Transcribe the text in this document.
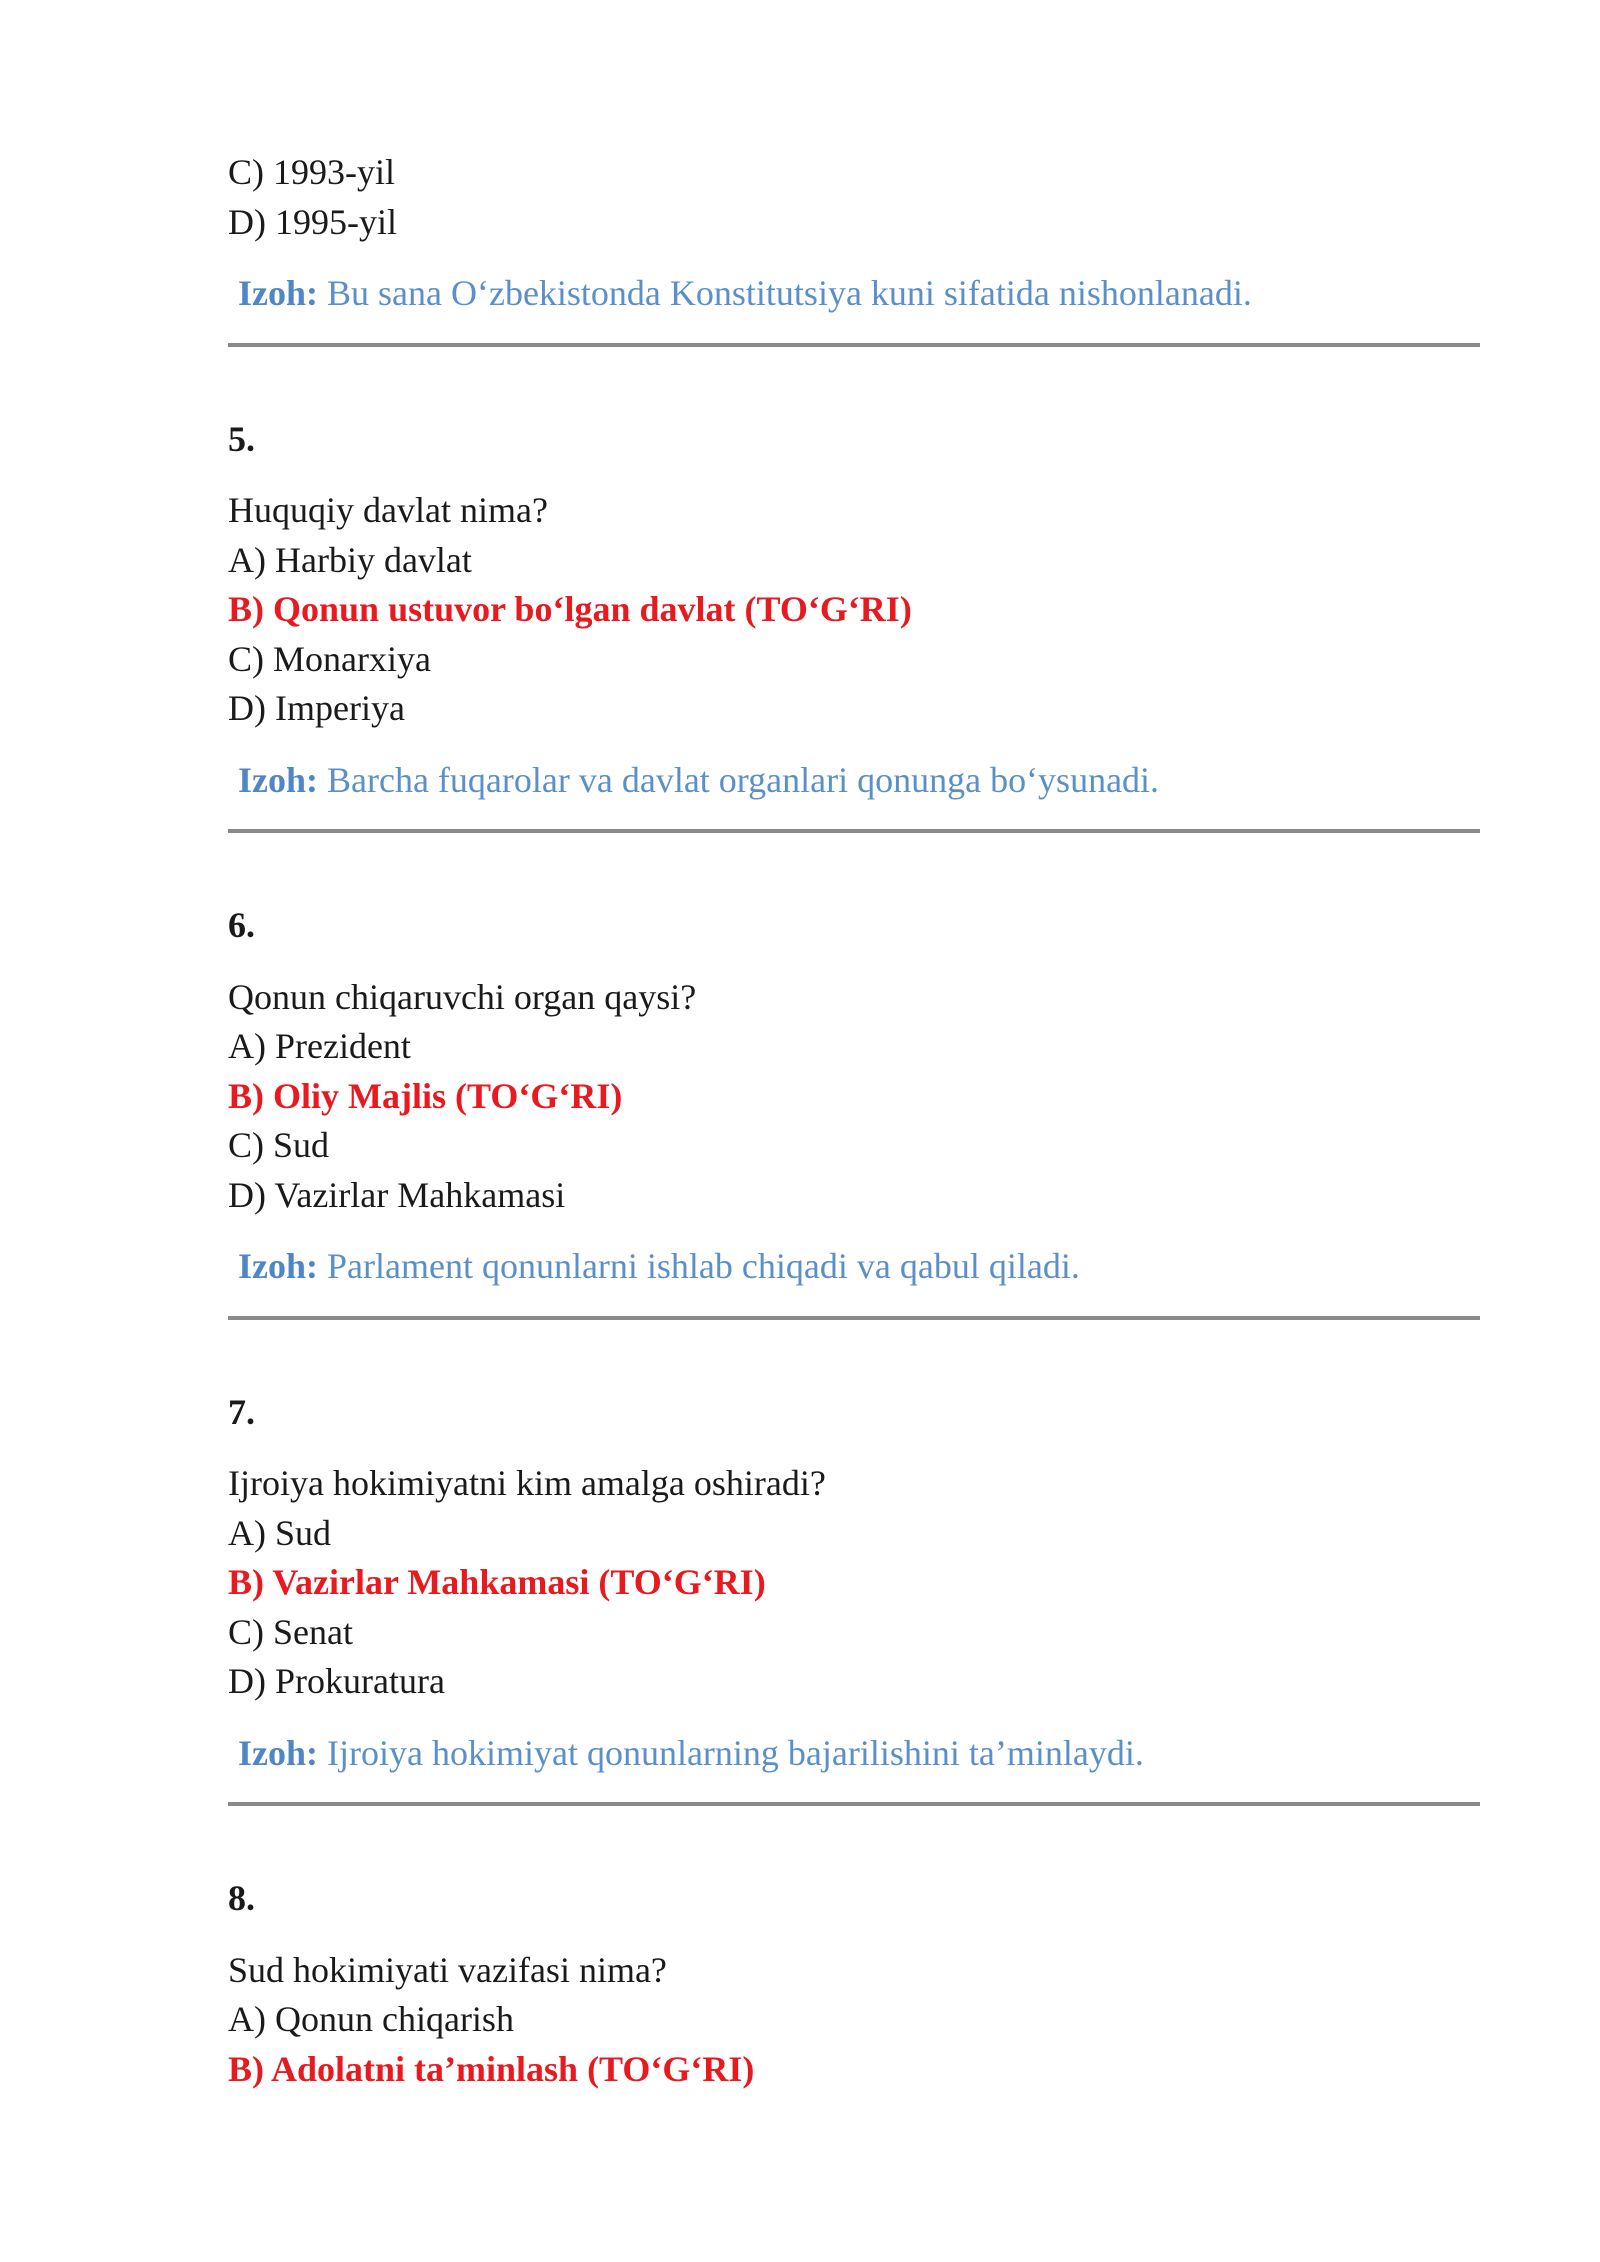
C) 1993-yil
D) 1995-yil
Izoh: Bu sana O‘zbekistonda Konstitutsiya kuni sifatida nishonlanadi.
5.
Huquqiy davlat nima?
A) Harbiy davlat
B) Qonun ustuvor bo‘lgan davlat (TO‘G‘RI)
C) Monarxiya
D) Imperiya
Izoh: Barcha fuqarolar va davlat organlari qonunga bo‘ysunadi.
6.
Qonun chiqaruvchi organ qaysi?
A) Prezident
B) Oliy Majlis (TO‘G‘RI)
C) Sud
D) Vazirlar Mahkamasi
Izoh: Parlament qonunlarni ishlab chiqadi va qabul qiladi.
7.
Ijroiya hokimiyatni kim amalga oshiradi?
A) Sud
B) Vazirlar Mahkamasi (TO‘G‘RI)
C) Senat
D) Prokuratura
Izoh: Ijroiya hokimiyat qonunlarning bajarilishini ta’minlaydi.
8.
Sud hokimiyati vazifasi nima?
A) Qonun chiqarish
B) Adolatni ta’minlash (TO‘G‘RI)
